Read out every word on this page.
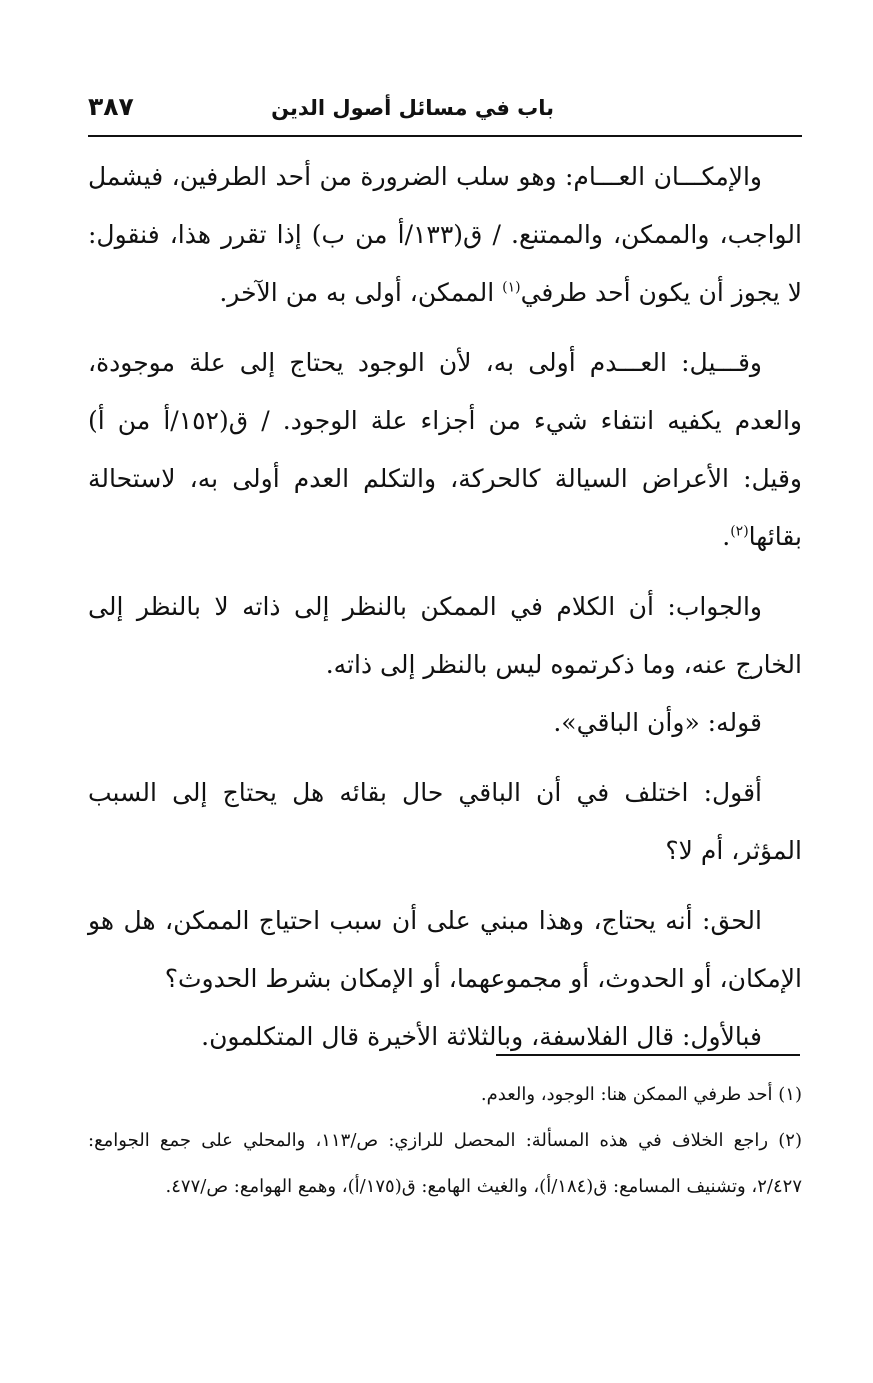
باب في مسائل أصول الدين
٣٨٧

والإمكـــان العـــام: وهو سلب الضرورة من أحد الطرفين، فيشمل الواجب، والممكن، والممتنع. / ق(١٣٣/أ من ب) إذا تقرر هذا، فنقول: لا يجوز أن يكون أحد طرفي$^{(١)}$ الممكن، أولى به من الآخر.

وقـــيل: العـــدم أولى به، لأن الوجود يحتاج إلى علة موجودة، والعدم يكفيه انتفاء شيء من أجزاء علة الوجود. / ق(١٥٢/أ من أ) وقيل: الأعراض السيالة كالحركة، والتكلم العدم أولى به، لاستحالة بقائها$^{(٢)}$.

والجواب: أن الكلام في الممكن بالنظر إلى ذاته لا بالنظر إلى الخارج عنه، وما ذكرتموه ليس بالنظر إلى ذاته.

قوله: «وأن الباقي».

أقول: اختلف في أن الباقي حال بقائه هل يحتاج إلى السبب المؤثر، أم لا؟

الحق: أنه يحتاج، وهذا مبني على أن سبب احتياج الممكن، هل هو الإمكان، أو الحدوث، أو مجموعهما، أو الإمكان بشرط الحدوث؟

فبالأول: قال الفلاسفة، وبالثلاثة الأخيرة قال المتكلمون.

(١) أحد طرفي الممكن هنا: الوجود، والعدم.

(٢) راجع الخلاف في هذه المسألة: المحصل للرازي: ص/١١٣، والمحلي على جمع الجوامع: ٢/٤٢٧، وتشنيف المسامع: ق(١٨٤/أ)، والغيث الهامع: ق(١٧٥/أ)، وهمع الهوامع: ص/٤٧٧.
